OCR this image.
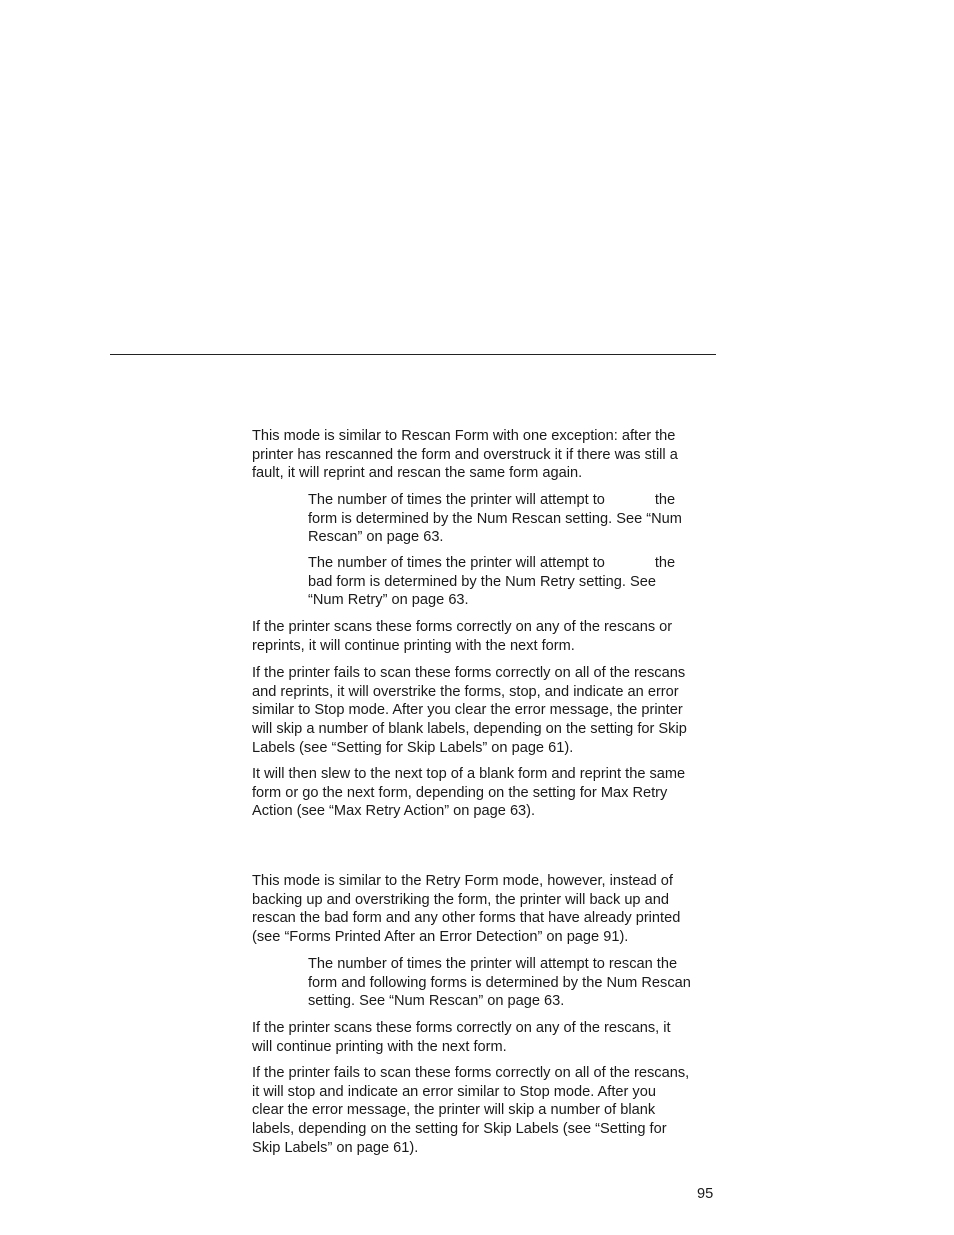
This mode is similar to Rescan Form with one exception: after the
printer has rescanned the form and overstruck it if there was still a
fault, it will reprint and rescan the same form again.

The number of times the printer will attempt to	the
form is determined by the Num Rescan setting. See “Num
Rescan” on page 63.

The number of times the printer will attempt to	the
bad form is determined by the Num Retry setting. See
“Num Retry” on page 63.

If the printer scans these forms correctly on any of the rescans or
reprints, it will continue printing with the next form.

If the printer fails to scan these forms correctly on all of the rescans
and reprints, it will overstrike the forms, stop, and indicate an error
similar to Stop mode. After you clear the error message, the printer
will skip a number of blank labels, depending on the setting for Skip
Labels (see “Setting for Skip Labels” on page 61).

It will then slew to the next top of a blank form and reprint the same
form or go the next form, depending on the setting for Max Retry
Action (see “Max Retry Action” on page 63).

This mode is similar to the Retry Form mode, however, instead of
backing up and overstriking the form, the printer will back up and
rescan the bad form and any other forms that have already printed
(see “Forms Printed After an Error Detection” on page 91).

The number of times the printer will attempt to rescan the
form and following forms is determined by the Num Rescan
setting. See “Num Rescan” on page 63.

If the printer scans these forms correctly on any of the rescans, it
will continue printing with the next form.

If the printer fails to scan these forms correctly on all of the rescans,
it will stop and indicate an error similar to Stop mode. After you
clear the error message, the printer will skip a number of blank
labels, depending on the setting for Skip Labels (see “Setting for
Skip Labels” on page 61).

95
